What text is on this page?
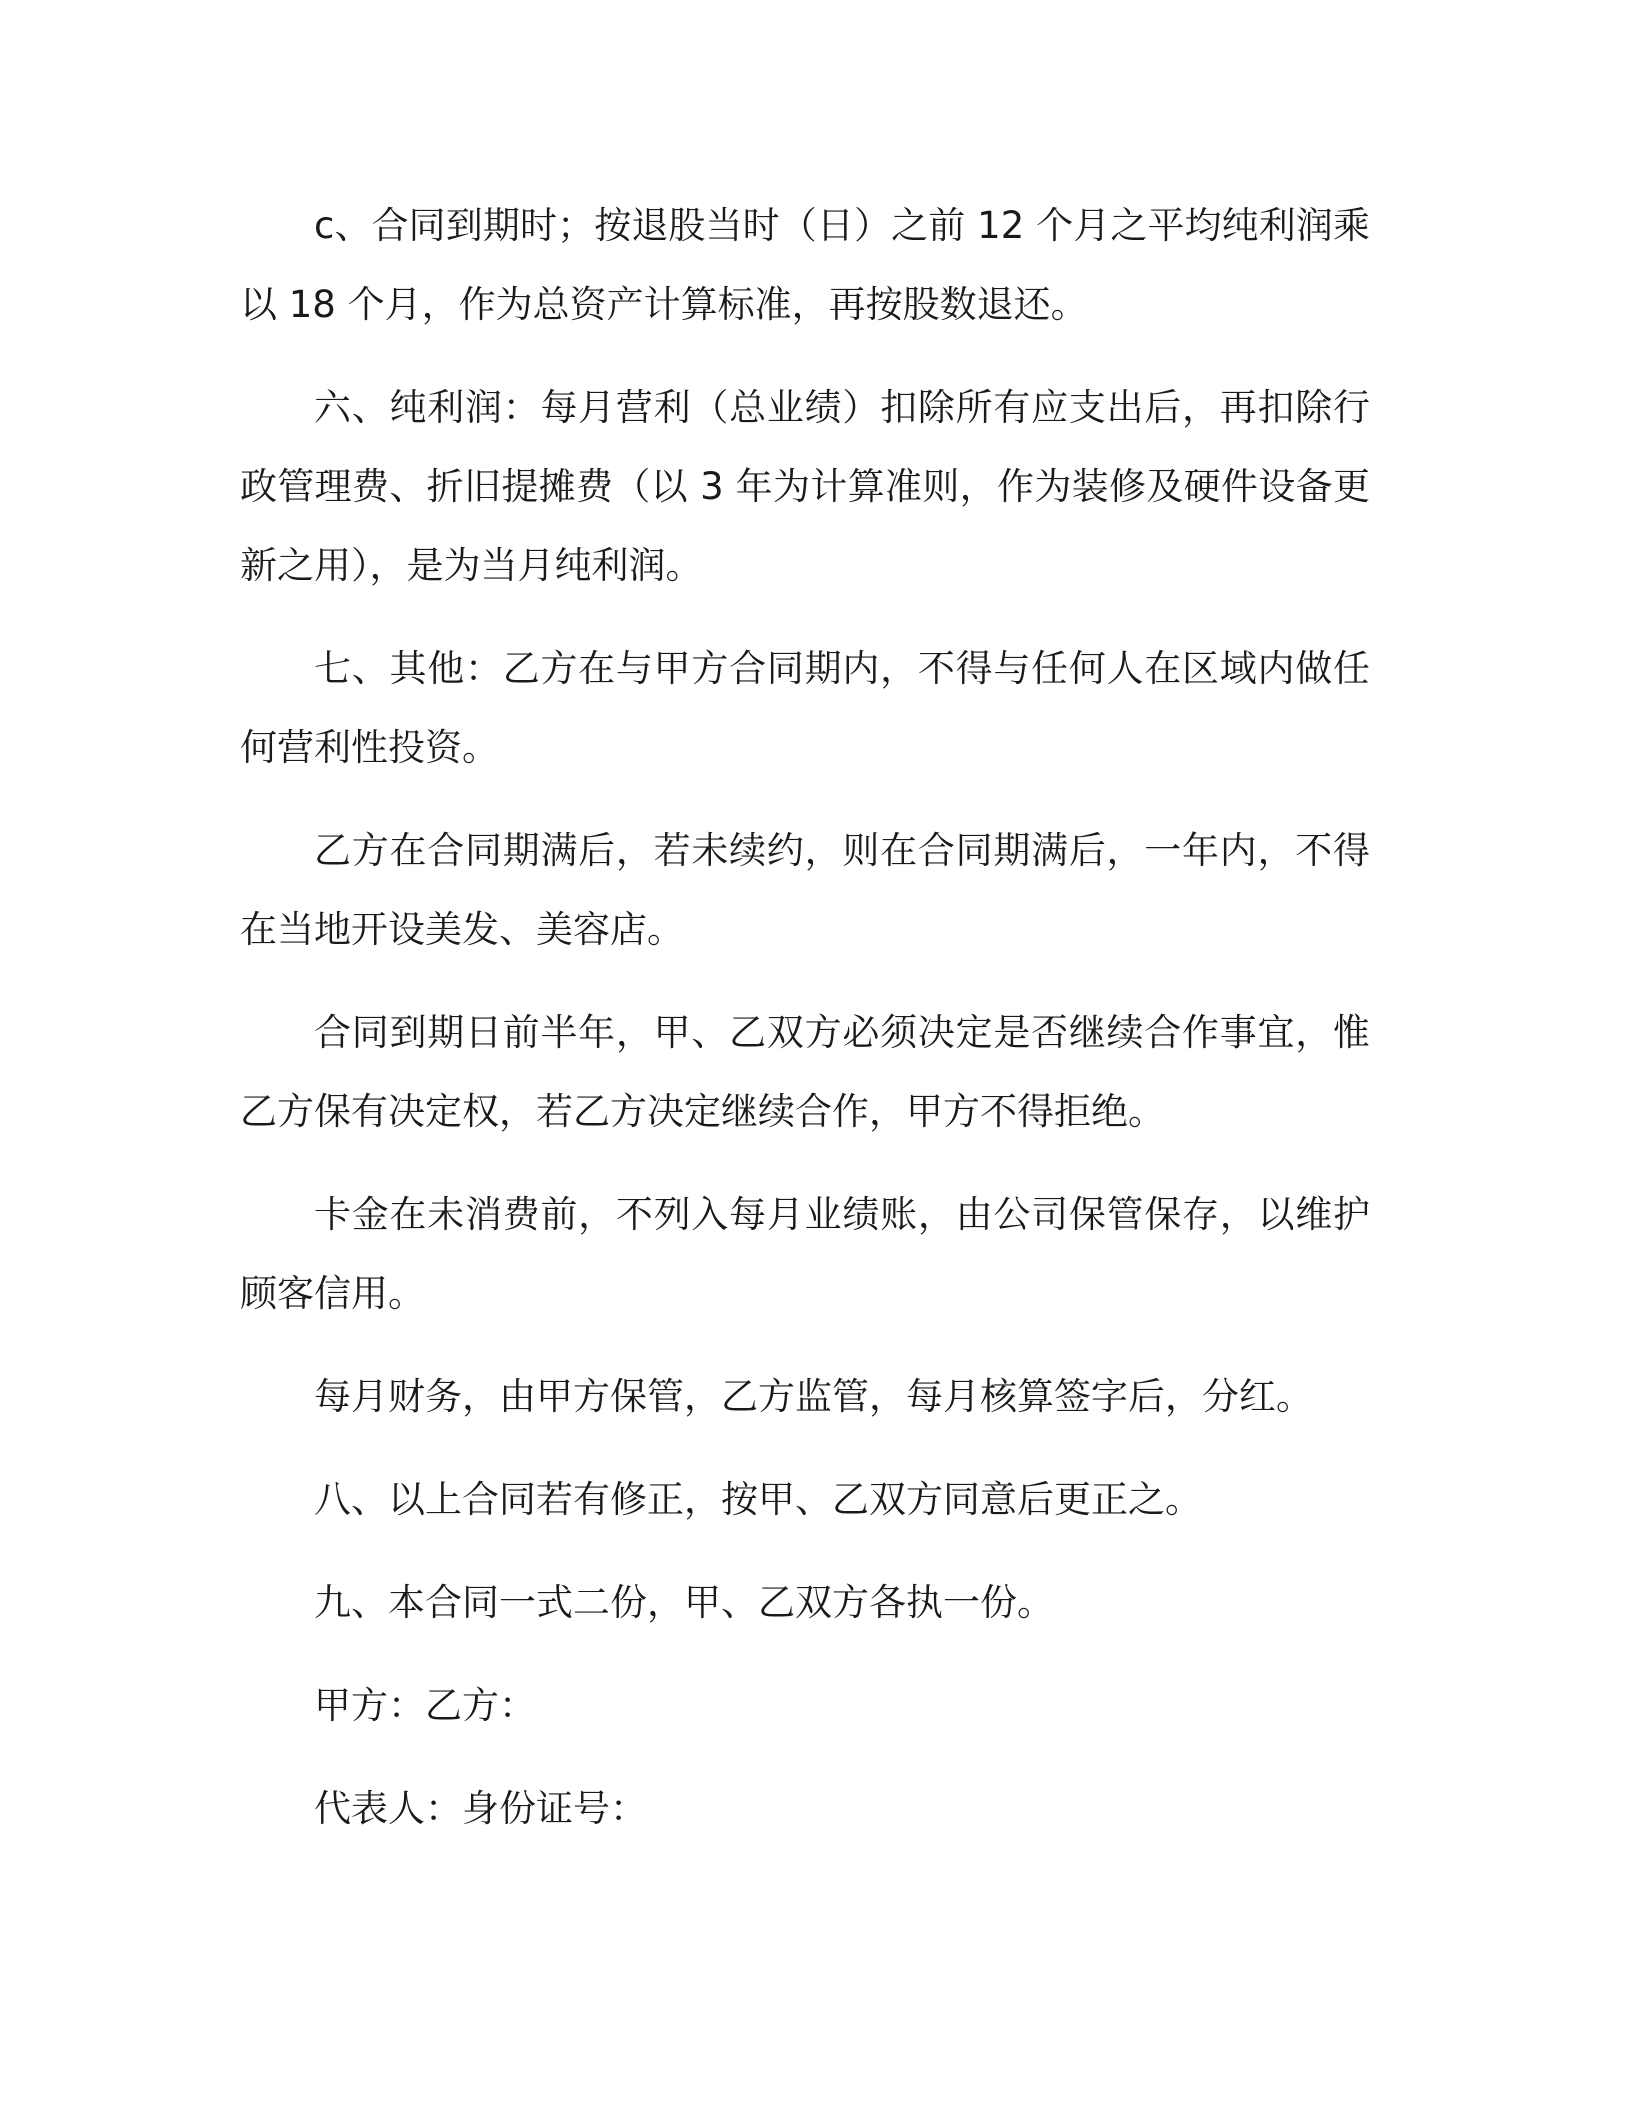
c、合同到期时；按退股当时（日）之前 12 个月之平均纯利润乘以 18 个月，作为总资产计算标准，再按股数退还。

六、纯利润：每月营利（总业绩）扣除所有应支出后，再扣除行政管理费、折旧提摊费（以 3 年为计算准则，作为装修及硬件设备更新之用），是为当月纯利润。

七、其他：乙方在与甲方合同期内，不得与任何人在区域内做任何营利性投资。

乙方在合同期满后，若未续约，则在合同期满后，一年内，不得在当地开设美发、美容店。

合同到期日前半年，甲、乙双方必须决定是否继续合作事宜，惟乙方保有决定权，若乙方决定继续合作，甲方不得拒绝。

卡金在未消费前，不列入每月业绩账，由公司保管保存，以维护顾客信用。

每月财务，由甲方保管，乙方监管，每月核算签字后，分红。

八、以上合同若有修正，按甲、乙双方同意后更正之。

九、本合同一式二份，甲、乙双方各执一份。

甲方：乙方：

代表人：身份证号：
